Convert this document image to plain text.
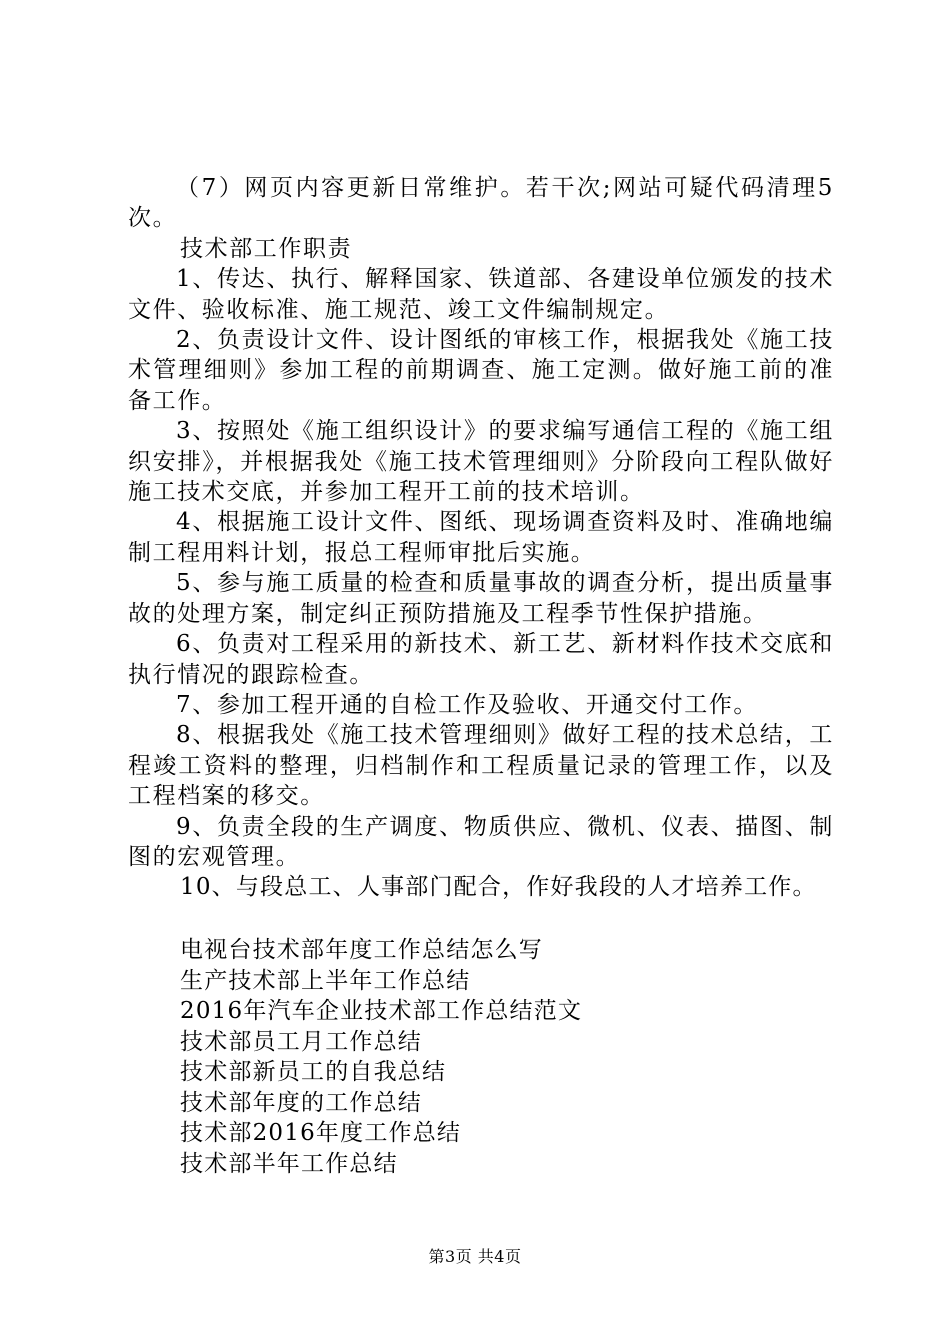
（7）网页内容更新日常维护。若干次;网站可疑代码清理5次。

技术部工作职责

1、传达、执行、解释国家、铁道部、各建设单位颁发的技术文件、验收标准、施工规范、竣工文件编制规定。

2、负责设计文件、设计图纸的审核工作，根据我处《施工技术管理细则》参加工程的前期调查、施工定测。做好施工前的准备工作。

3、按照处《施工组织设计》的要求编写通信工程的《施工组织安排》，并根据我处《施工技术管理细则》分阶段向工程队做好施工技术交底，并参加工程开工前的技术培训。

4、根据施工设计文件、图纸、现场调查资料及时、准确地编制工程用料计划，报总工程师审批后实施。

5、参与施工质量的检查和质量事故的调查分析，提出质量事故的处理方案，制定纠正预防措施及工程季节性保护措施。

6、负责对工程采用的新技术、新工艺、新材料作技术交底和执行情况的跟踪检查。

7、参加工程开通的自检工作及验收、开通交付工作。

8、根据我处《施工技术管理细则》做好工程的技术总结，工程竣工资料的整理，归档制作和工程质量记录的管理工作，以及工程档案的移交。

9、负责全段的生产调度、物质供应、微机、仪表、描图、制图的宏观管理。

10、与段总工、人事部门配合，作好我段的人才培养工作。

电视台技术部年度工作总结怎么写
生产技术部上半年工作总结
2016年汽车企业技术部工作总结范文
技术部员工月工作总结
技术部新员工的自我总结
技术部年度的工作总结
技术部2016年度工作总结
技术部半年工作总结
第3页 共4页
